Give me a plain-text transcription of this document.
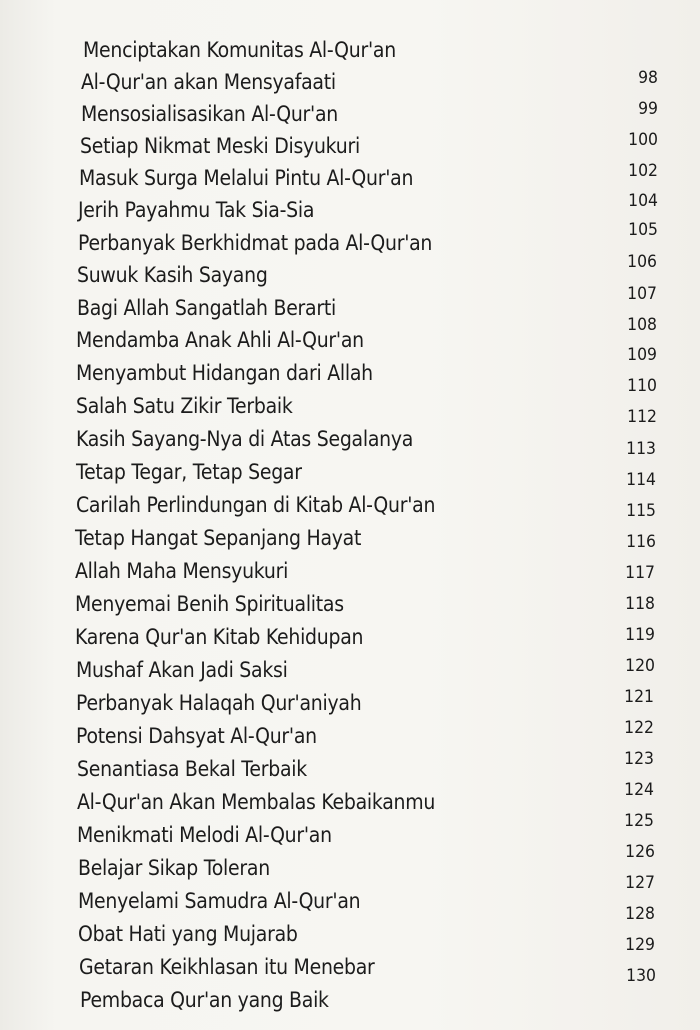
Menciptakan Komunitas Al-Qur'an
Al-Qur'an akan Mensyafaati
Mensosialisasikan Al-Qur'an
Setiap Nikmat Meski Disyukuri
Masuk Surga Melalui Pintu Al-Qur'an
Jerih Payahmu Tak Sia-Sia
Perbanyak Berkhidmat pada Al-Qur'an
Suwuk Kasih Sayang
Bagi Allah Sangatlah Berarti
Mendamba Anak Ahli Al-Qur'an
Menyambut Hidangan dari Allah
Salah Satu Zikir Terbaik
Kasih Sayang-Nya di Atas Segalanya
Tetap Tegar, Tetap Segar
Carilah Perlindungan di Kitab Al-Qur'an
Tetap Hangat Sepanjang Hayat
Allah Maha Mensyukuri
Menyemai Benih Spiritualitas
Karena Qur'an Kitab Kehidupan
Mushaf Akan Jadi Saksi
Perbanyak Halaqah Qur'aniyah
Potensi Dahsyat Al-Qur'an
Senantiasa Bekal Terbaik
Al-Qur'an Akan Membalas Kebaikanmu
Menikmati Melodi Al-Qur'an
Belajar Sikap Toleran
Menyelami Samudra Al-Qur'an
Obat Hati yang Mujarab
Getaran Keikhlasan itu Menebar
Pembaca Qur'an yang Baik
98
99
100
102
104
105
106
107
108
109
110
112
113
114
115
116
117
118
119
120
121
122
123
124
125
126
127
128
129
130
